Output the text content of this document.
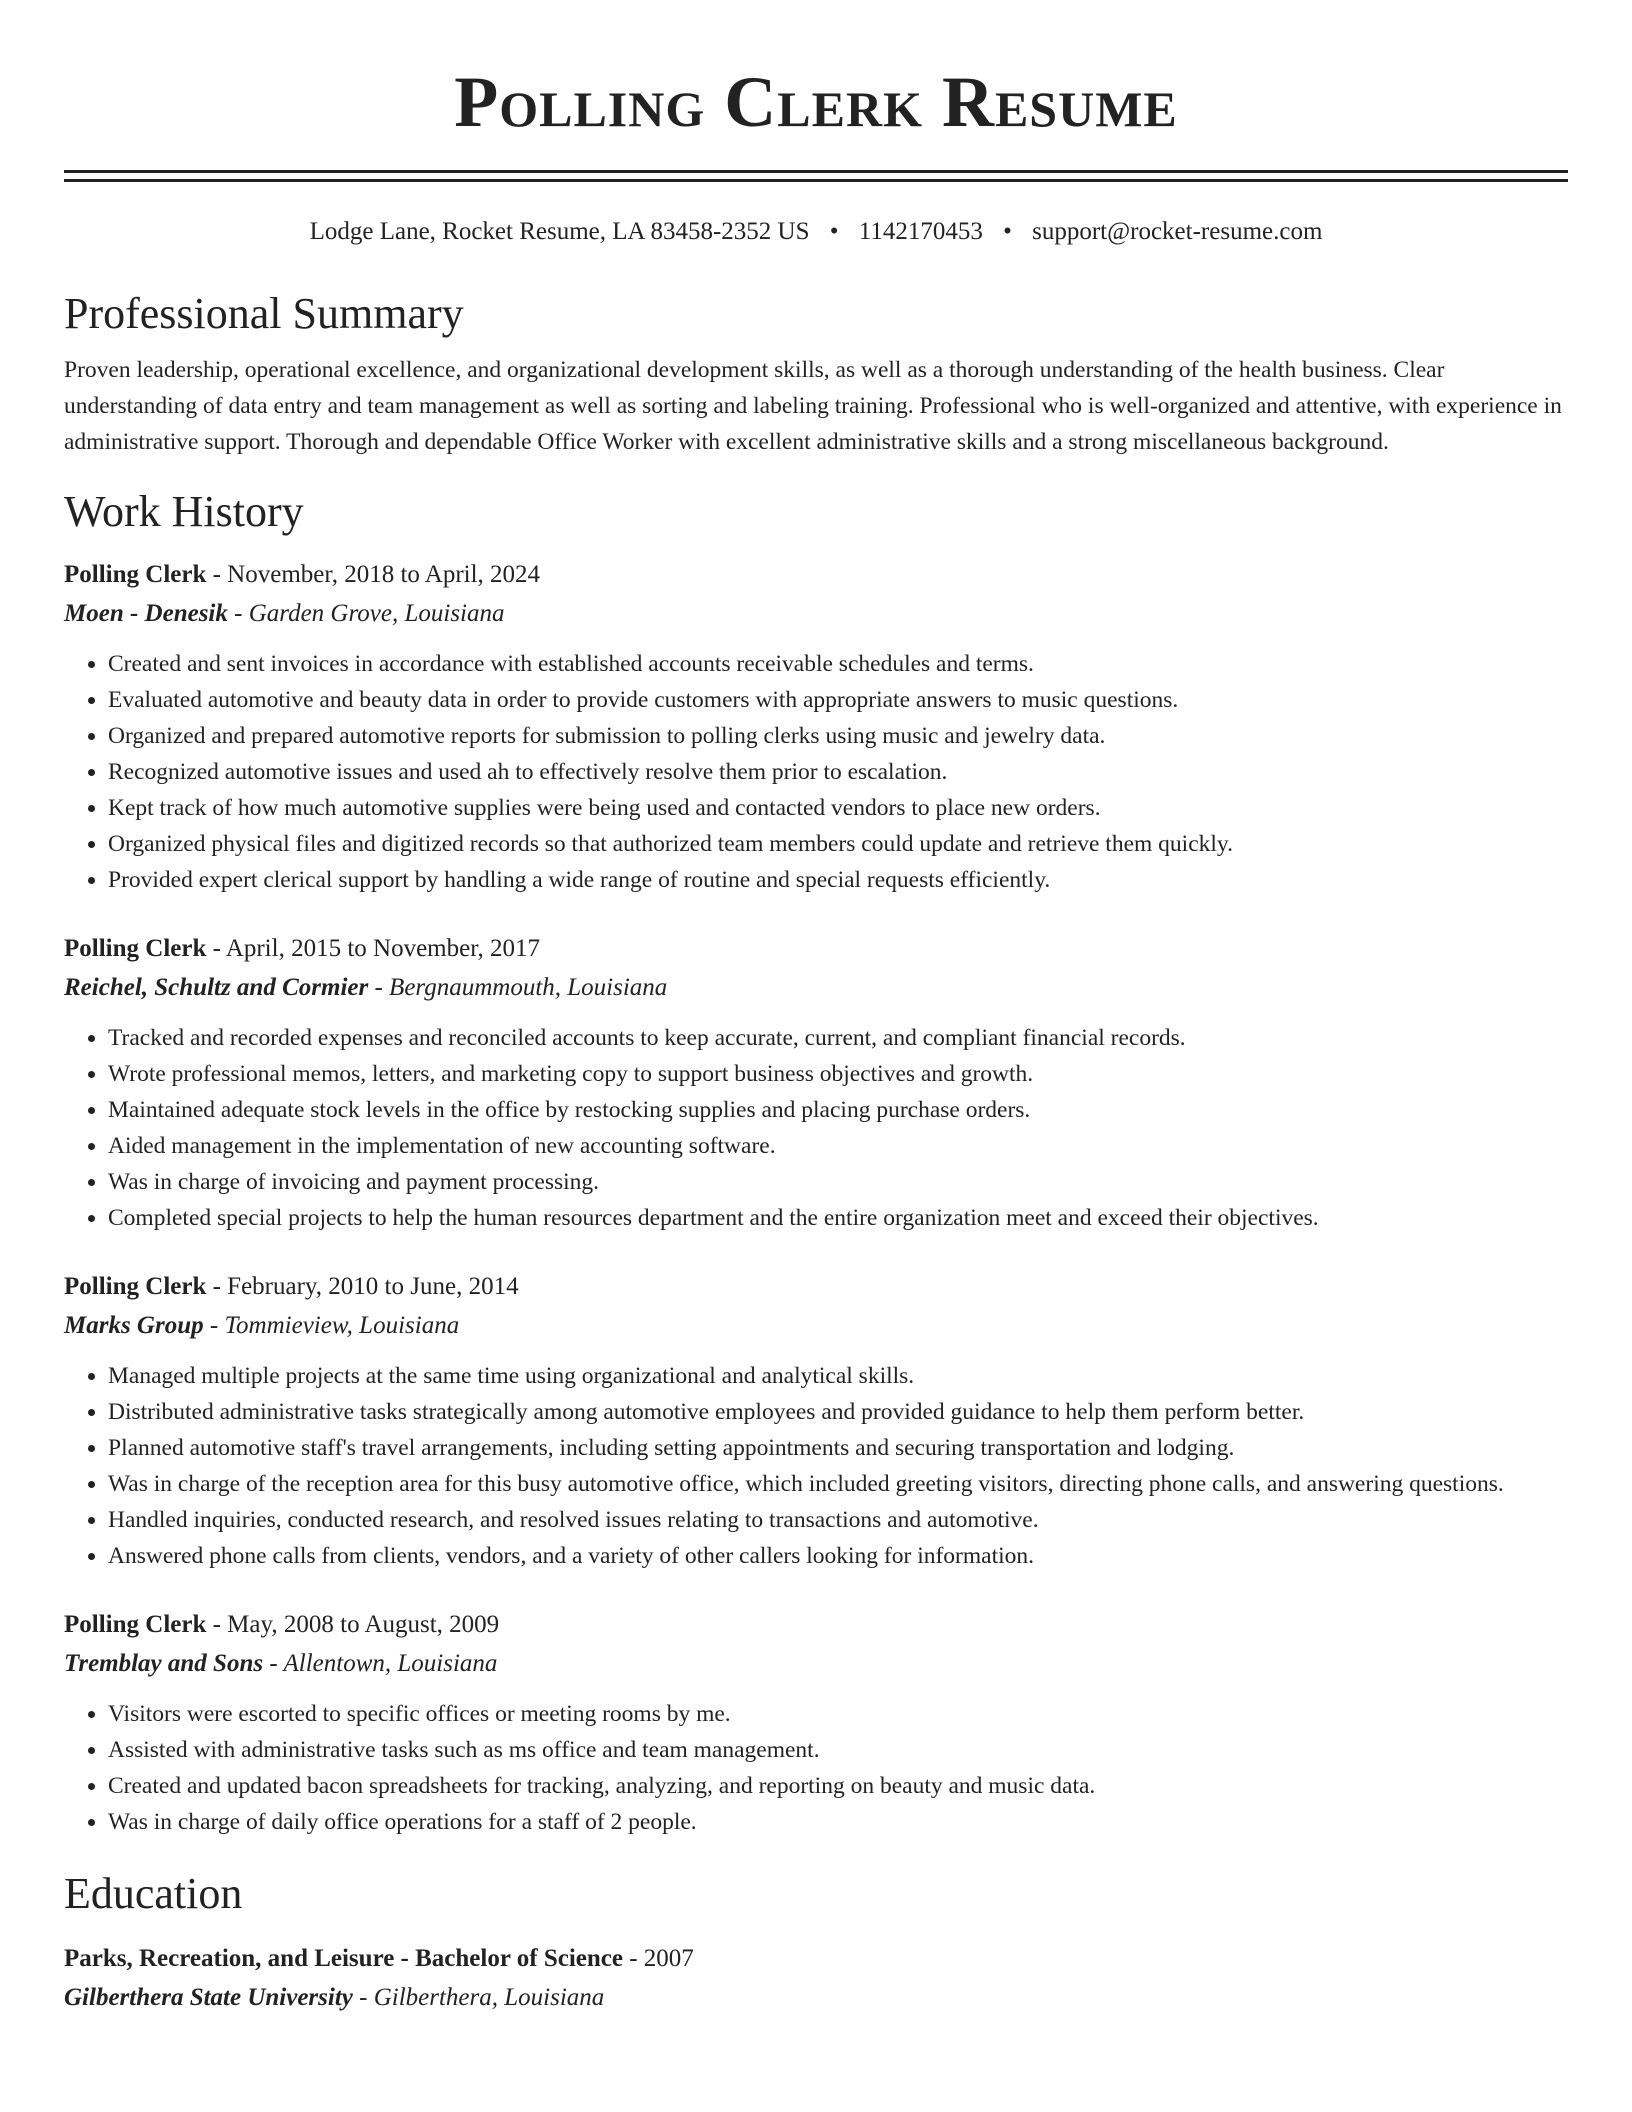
Polling Clerk Resume
Lodge Lane, Rocket Resume, LA 83458-2352 US • 1142170453 • support@rocket-resume.com
Professional Summary

Proven leadership, operational excellence, and organizational development skills, as well as a thorough understanding of the health business. Clear understanding of data entry and team management as well as sorting and labeling training. Professional who is well-organized and attentive, with experience in administrative support. Thorough and dependable Office Worker with excellent administrative skills and a strong miscellaneous background.

Work History
Polling Clerk - November, 2018 to April, 2024
Moen - Denesik - Garden Grove, Louisiana
• Created and sent invoices in accordance with established accounts receivable schedules and terms.
• Evaluated automotive and beauty data in order to provide customers with appropriate answers to music questions.
• Organized and prepared automotive reports for submission to polling clerks using music and jewelry data.
• Recognized automotive issues and used ah to effectively resolve them prior to escalation.
• Kept track of how much automotive supplies were being used and contacted vendors to place new orders.
• Organized physical files and digitized records so that authorized team members could update and retrieve them quickly.
• Provided expert clerical support by handling a wide range of routine and special requests efficiently.
Polling Clerk - April, 2015 to November, 2017
Reichel, Schultz and Cormier - Bergnaummouth, Louisiana
• Tracked and recorded expenses and reconciled accounts to keep accurate, current, and compliant financial records.
• Wrote professional memos, letters, and marketing copy to support business objectives and growth.
• Maintained adequate stock levels in the office by restocking supplies and placing purchase orders.
• Aided management in the implementation of new accounting software.
• Was in charge of invoicing and payment processing.
• Completed special projects to help the human resources department and the entire organization meet and exceed their objectives.
Polling Clerk - February, 2010 to June, 2014
Marks Group - Tommieview, Louisiana
• Managed multiple projects at the same time using organizational and analytical skills.
• Distributed administrative tasks strategically among automotive employees and provided guidance to help them perform better.
• Planned automotive staff's travel arrangements, including setting appointments and securing transportation and lodging.
• Was in charge of the reception area for this busy automotive office, which included greeting visitors, directing phone calls, and answering questions.
• Handled inquiries, conducted research, and resolved issues relating to transactions and automotive.
• Answered phone calls from clients, vendors, and a variety of other callers looking for information.
Polling Clerk - May, 2008 to August, 2009
Tremblay and Sons - Allentown, Louisiana
• Visitors were escorted to specific offices or meeting rooms by me.
• Assisted with administrative tasks such as ms office and team management.
• Created and updated bacon spreadsheets for tracking, analyzing, and reporting on beauty and music data.
• Was in charge of daily office operations for a staff of 2 people.
Education
Parks, Recreation, and Leisure - Bachelor of Science - 2007
Gilberthera State University - Gilberthera, Louisiana
